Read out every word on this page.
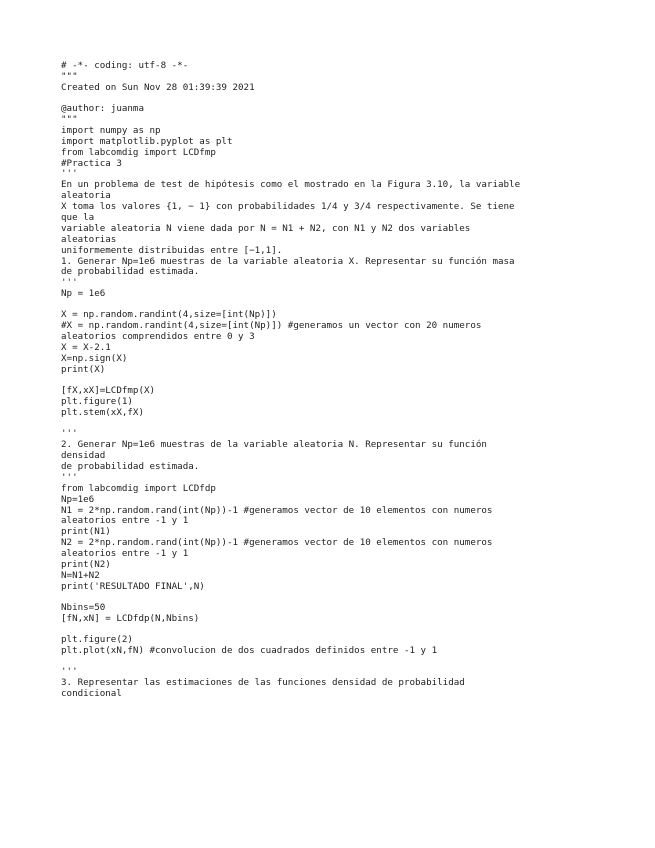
# -*- coding: utf-8 -*-
"""
Created on Sun Nov 28 01:39:39 2021
@author: juanma
"""
import numpy as np
import matplotlib.pyplot as plt
from labcomdig import LCDfmp
#Practica 3
'''
En un problema de test de hipótesis como el mostrado en la Figura 3.10, la variable
aleatoria
X toma los valores {1, − 1} con probabilidades 1/4 y 3/4 respectivamente. Se tiene
que la
variable aleatoria N viene dada por N = N1 + N2, con N1 y N2 dos variables
aleatorias
uniformemente distribuidas entre [−1,1].
1. Generar Np=1e6 muestras de la variable aleatoria X. Representar su función masa
de probabilidad estimada.
'''
Np = 1e6
X = np.random.randint(4,size=[int(Np)])
#X = np.random.randint(4,size=[int(Np)]) #generamos un vector con 20 numeros
aleatorios comprendidos entre 0 y 3
X = X-2.1
X=np.sign(X)
print(X)
[fX,xX]=LCDfmp(X)
plt.figure(1)
plt.stem(xX,fX)
'''
2. Generar Np=1e6 muestras de la variable aleatoria N. Representar su función
densidad
de probabilidad estimada.
'''
from labcomdig import LCDfdp
Np=1e6
N1 = 2*np.random.rand(int(Np))-1 #generamos vector de 10 elementos con numeros
aleatorios entre -1 y 1
print(N1)
N2 = 2*np.random.rand(int(Np))-1 #generamos vector de 10 elementos con numeros
aleatorios entre -1 y 1
print(N2)
N=N1+N2
print('RESULTADO FINAL',N)
Nbins=50
[fN,xN] = LCDfdp(N,Nbins)
plt.figure(2)
plt.plot(xN,fN) #convolucion de dos cuadrados definidos entre -1 y 1
'''
3. Representar las estimaciones de las funciones densidad de probabilidad
condicional
